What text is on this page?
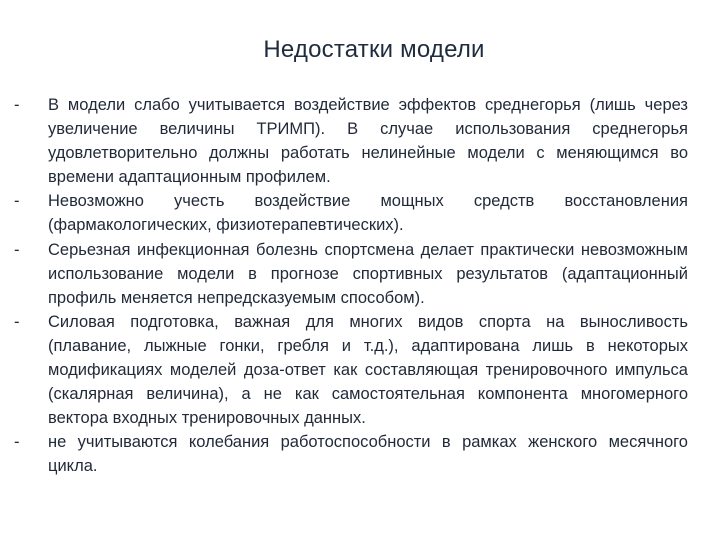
Недостатки модели
-	В модели слабо учитывается воздействие эффектов среднегорья (лишь через увеличение величины ТРИМП). В случае использования среднегорья удовлетворительно должны работать нелинейные модели с меняющимся во времени адаптационным профилем.
-	Невозможно учесть воздействие мощных средств восстановления (фармакологических, физиотерапевтических).
-	Серьезная инфекционная болезнь спортсмена делает практически невозможным использование модели в прогнозе спортивных результатов (адаптационный профиль меняется непредсказуемым способом).
-	Силовая подготовка, важная для многих видов спорта на выносливость (плавание, лыжные гонки, гребля и т.д.), адаптирована лишь в некоторых модификациях моделей доза-ответ как составляющая тренировочного импульса (скалярная величина), а не как самостоятельная компонента многомерного вектора входных тренировочных данных.
-	не учитываются колебания работоспособности в рамках женского месячного цикла.
